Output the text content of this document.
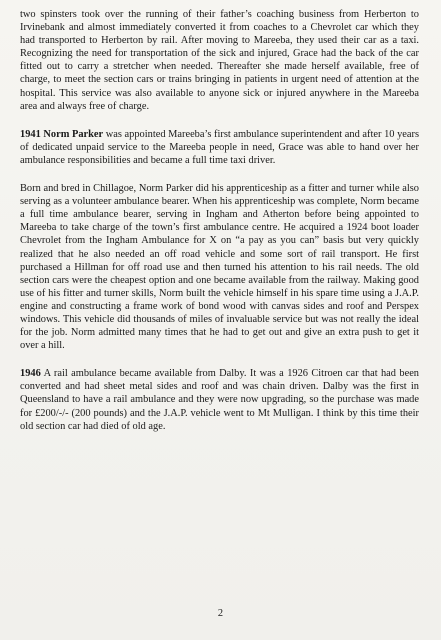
two spinsters took over the running of their father’s coaching business from Herberton to Irvinebank and almost immediately converted it from coaches to a Chevrolet car which they had transported to Herberton by rail. After moving to Mareeba, they used their car as a taxi. Recognizing the need for transportation of the sick and injured, Grace had the back of the car fitted out to carry a stretcher when needed. Thereafter she made herself available, free of charge, to meet the section cars or trains bringing in patients in urgent need of attention at the hospital. This service was also available to anyone sick or injured anywhere in the Mareeba area and always free of charge.

1941 Norm Parker was appointed Mareeba’s first ambulance superintendent and after 10 years of dedicated unpaid service to the Mareeba people in need, Grace was able to hand over her ambulance responsibilities and became a full time taxi driver.

Born and bred in Chillagoe, Norm Parker did his apprenticeship as a fitter and turner while also serving as a volunteer ambulance bearer. When his apprenticeship was complete, Norm became a full time ambulance bearer, serving in Ingham and Atherton before being appointed to Mareeba to take charge of the town’s first ambulance centre. He acquired a 1924 boot loader Chevrolet from the Ingham Ambulance for X on “a pay as you can” basis but very quickly realized that he also needed an off road vehicle and some sort of rail transport. He first purchased a Hillman for off road use and then turned his attention to his rail needs. The old section cars were the cheapest option and one became available from the railway. Making good use of his fitter and turner skills, Norm built the vehicle himself in his spare time using a J.A.P. engine and constructing a frame work of bond wood with canvas sides and roof and Perspex windows. This vehicle did thousands of miles of invaluable service but was not really the ideal for the job. Norm admitted many times that he had to get out and give an extra push to get it over a hill.

1946 A rail ambulance became available from Dalby. It was a 1926 Citroen car that had been converted and had sheet metal sides and roof and was chain driven. Dalby was the first in Queensland to have a rail ambulance and they were now upgrading, so the purchase was made for £200/-/- (200 pounds) and the J.A.P. vehicle went to Mt Mulligan. I think by this time their old section car had died of old age.

2
